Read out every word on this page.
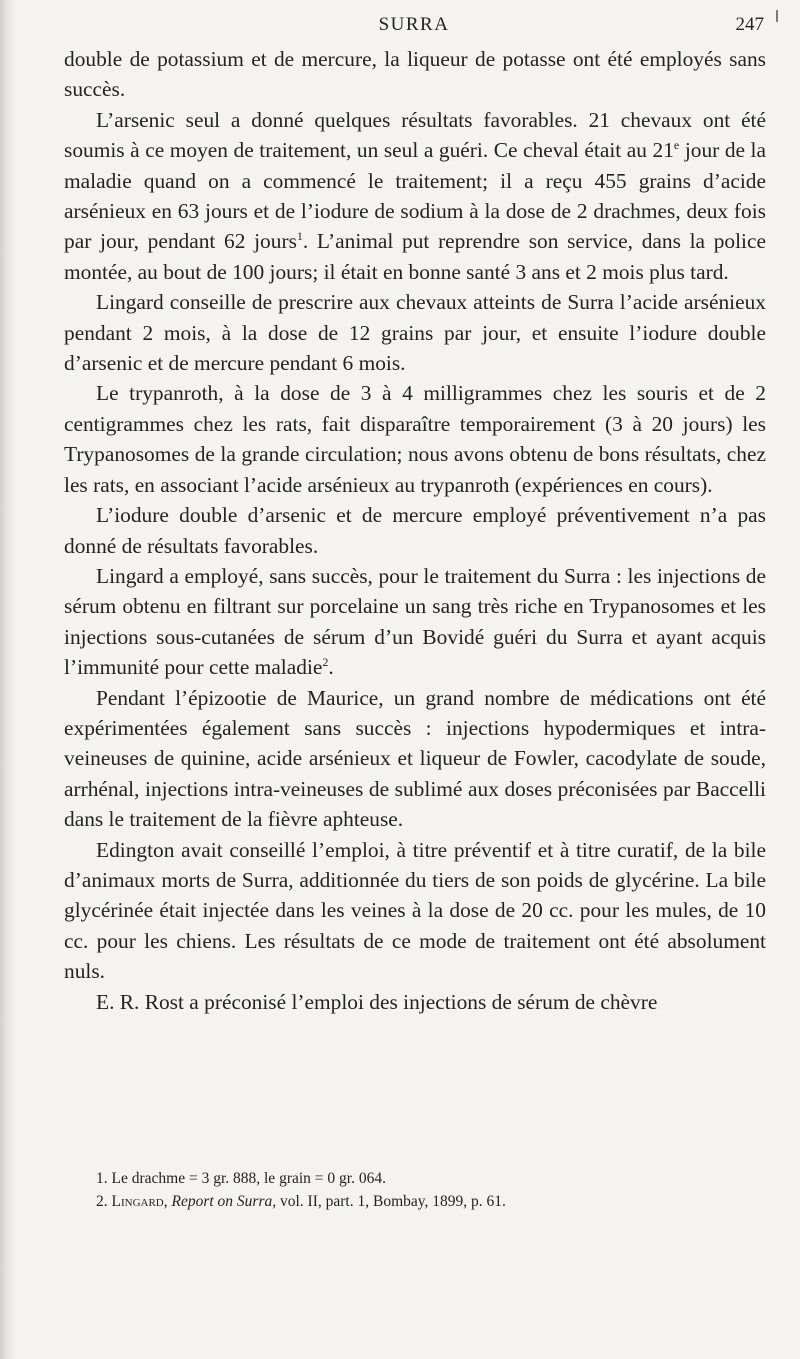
SURRA	247

double de potassium et de mercure, la liqueur de potasse ont été employés sans succès.

L’arsenic seul a donné quelques résultats favorables. 21 chevaux ont été soumis à ce moyen de traitement, un seul a guéri. Ce cheval était au 21e jour de la maladie quand on a commencé le traitement; il a reçu 455 grains d’acide arsénieux en 63 jours et de l’iodure de sodium à la dose de 2 drachmes, deux fois par jour, pendant 62 jours$^1$. L’animal put reprendre son service, dans la police montée, au bout de 100 jours; il était en bonne santé 3 ans et 2 mois plus tard.

Lingard conseille de prescrire aux chevaux atteints de Surra l’acide arsénieux pendant 2 mois, à la dose de 12 grains par jour, et ensuite l’iodure double d’arsenic et de mercure pendant 6 mois.

Le trypanroth, à la dose de 3 à 4 milligrammes chez les souris et de 2 centigrammes chez les rats, fait disparaître temporairement (3 à 20 jours) les Trypanosomes de la grande circulation; nous avons obtenu de bons résultats, chez les rats, en associant l’acide arsénieux au trypanroth (expériences en cours).

L’iodure double d’arsenic et de mercure employé préventivement n’a pas donné de résultats favorables.

Lingard a employé, sans succès, pour le traitement du Surra : les injections de sérum obtenu en filtrant sur porcelaine un sang très riche en Trypanosomes et les injections sous-cutanées de sérum d’un Bovidé guéri du Surra et ayant acquis l’immunité pour cette maladie$^2$.

Pendant l’épizootie de Maurice, un grand nombre de médications ont été expérimentées également sans succès : injections hypodermiques et intra-veineuses de quinine, acide arsénieux et liqueur de Fowler, cacodylate de soude, arrhénal, injections intra-veineuses de sublimé aux doses préconisées par Baccelli dans le traitement de la fièvre aphteuse.

Edington avait conseillé l’emploi, à titre préventif et à titre curatif, de la bile d’animaux morts de Surra, additionnée du tiers de son poids de glycérine. La bile glycérinée était injectée dans les veines à la dose de 20 cc. pour les mules, de 10 cc. pour les chiens. Les résultats de ce mode de traitement ont été absolument nuls.

E. R. Rost a préconisé l’emploi des injections de sérum de chèvre

1. Le drachme = 3 gr. 888, le grain = 0 gr. 064.

2. Lingard, Report on Surra, vol. II, part. 1, Bombay, 1899, p. 61.
